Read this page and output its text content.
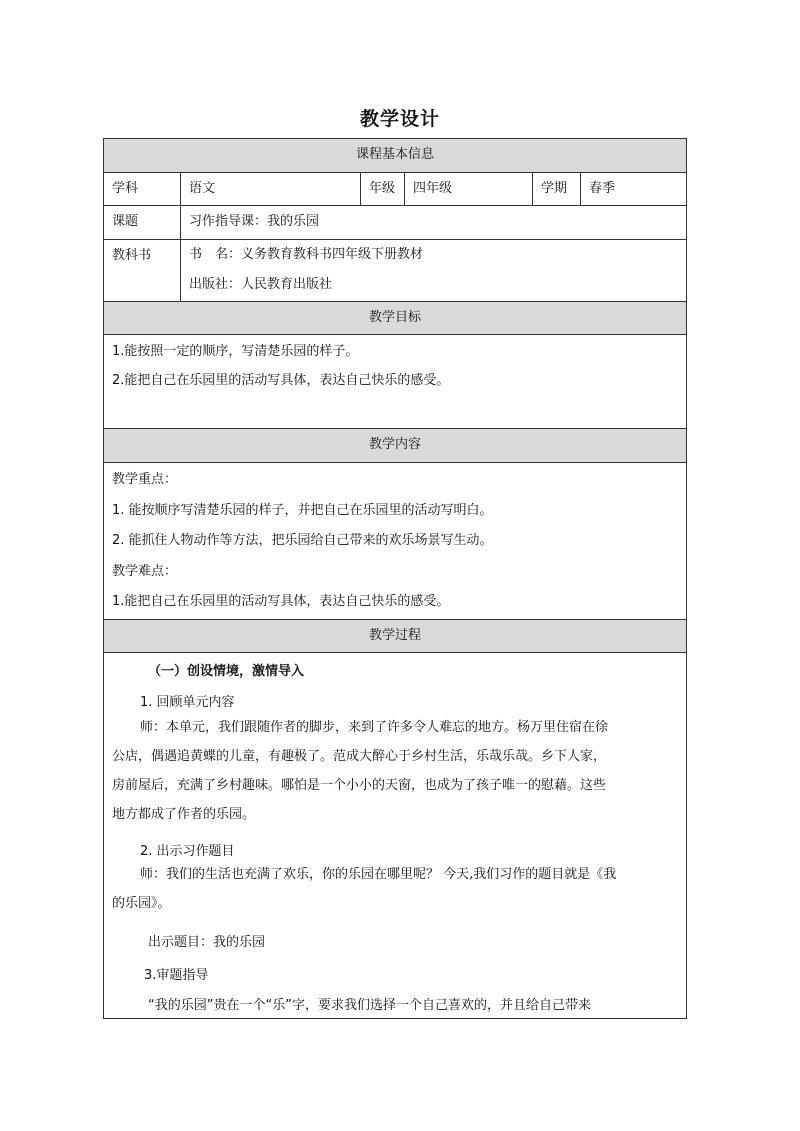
教学设计
课程基本信息
学科	语文	年级	四年级	学期	春季
课题	习作指导课：我的乐园
教科书	书　名：义务教育教科书四年级下册教材
出版社：人民教育出版社
教学目标
1.能按照一定的顺序，写清楚乐园的样子。
2.能把自己在乐园里的活动写具体，表达自己快乐的感受。
教学内容
教学重点：
1. 能按顺序写清楚乐园的样子，并把自己在乐园里的活动写明白。
2. 能抓住人物动作等方法，把乐园给自己带来的欢乐场景写生动。
教学难点：
1.能把自己在乐园里的活动写具体，表达自己快乐的感受。
教学过程
（一）创设情境，激情导入
1. 回顾单元内容
师：本单元，我们跟随作者的脚步，来到了许多令人难忘的地方。杨万里住宿在徐
公店，偶遇追黄蝶的儿童，有趣极了。范成大醉心于乡村生活，乐哉乐哉。乡下人家，
房前屋后，充满了乡村趣味。哪怕是一个小小的天窗，也成为了孩子唯一的慰藉。这些
地方都成了作者的乐园。
2. 出示习作题目
师：我们的生活也充满了欢乐，你的乐园在哪里呢？ 今天,我们习作的题目就是《我
的乐园》。
出示题目：我的乐园
3.审题指导
“我的乐园”贵在一个“乐”字，要求我们选择一个自己喜欢的，并且给自己带来
